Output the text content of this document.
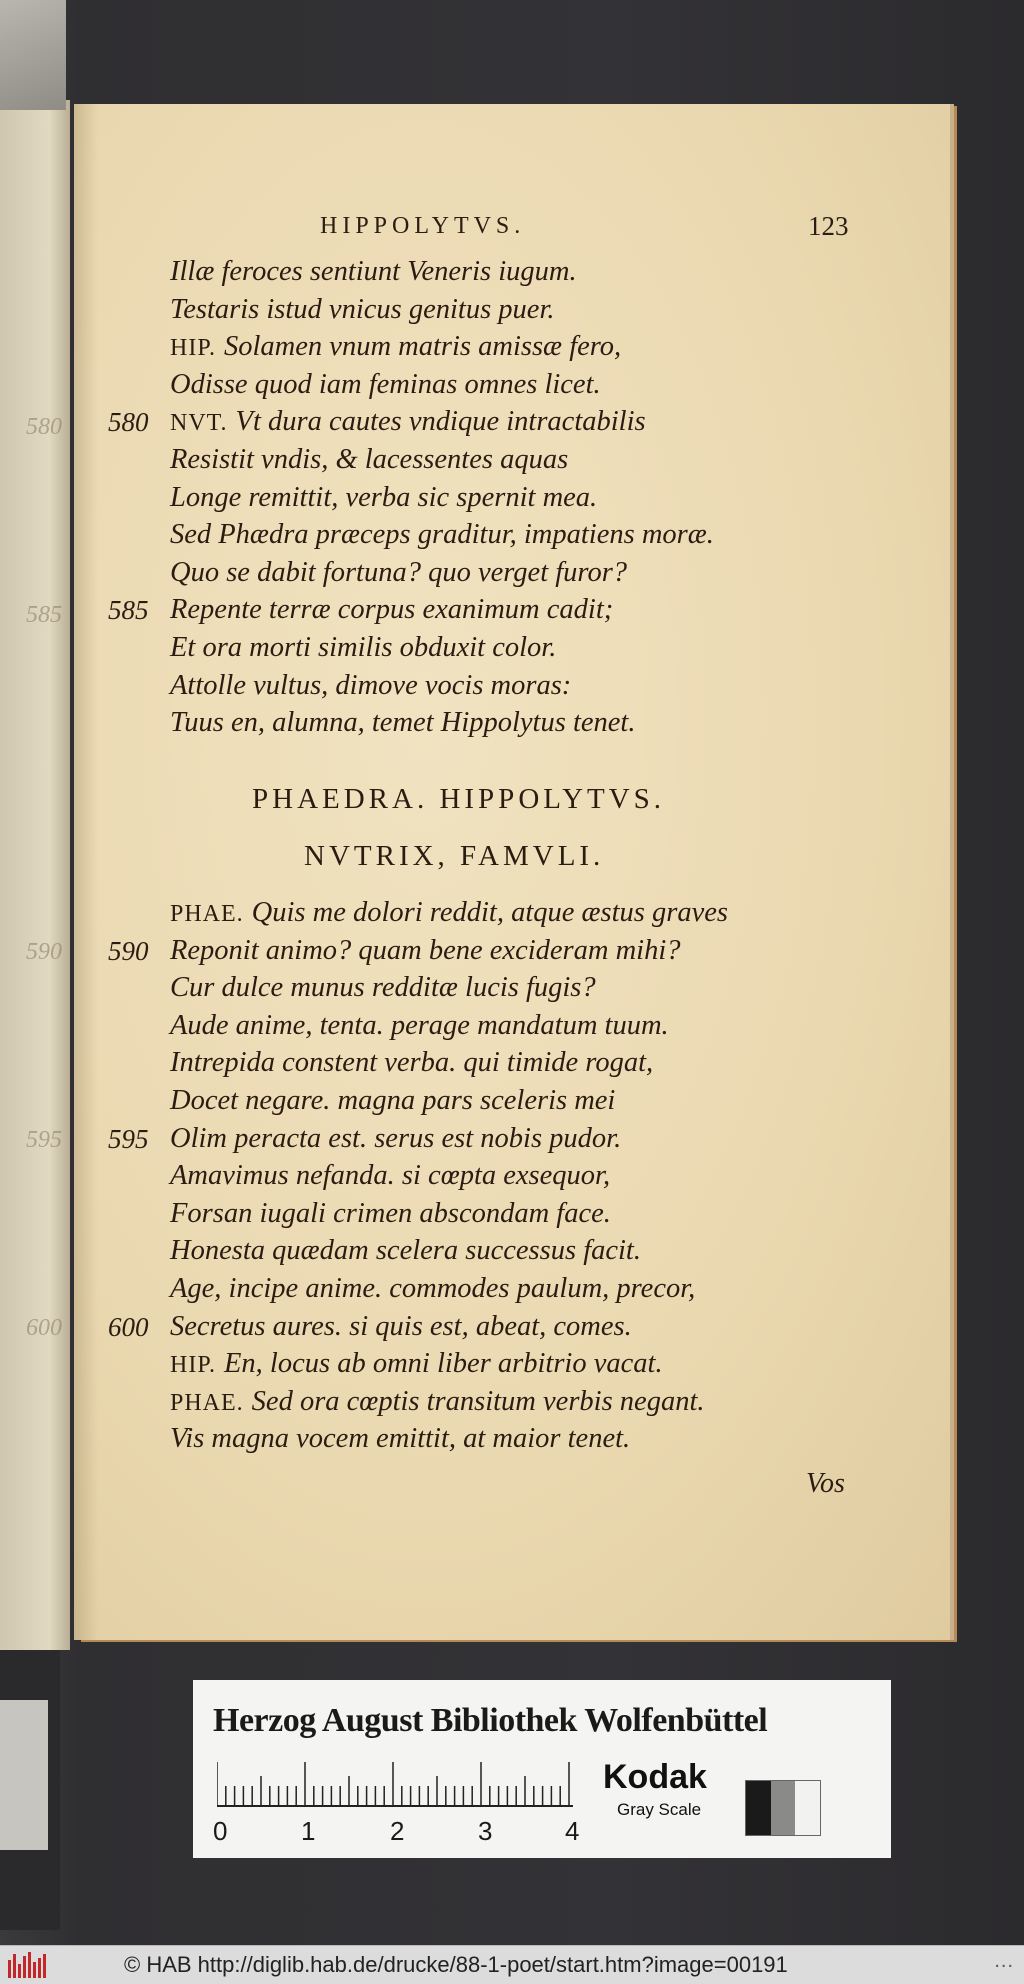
580
585
590
595
600
HIPPOLYTVS.	123
Illæ feroces sentiunt Veneris iugum.
Testaris istud vnicus genitus puer.
HIP. Solamen vnum matris amissæ fero,
Odisse quod iam feminas omnes licet.
580 NVT. Vt dura cautes vndique intractabilis
Resistit vndis, & lacessentes aquas
Longe remittit, verba sic spernit mea.
Sed Phædra præceps graditur, impatiens moræ.
Quo se dabit fortuna? quo verget furor?
585 Repente terræ corpus exanimum cadit;
Et ora morti similis obduxit color.
Attolle vultus, dimove vocis moras:
Tuus en, alumna, temet Hippolytus tenet.
PHAEDRA. HIPPOLYTVS.
NVTRIX, FAMVLI.
PHAE. Quis me dolori reddit, atque æstus graves
590 Reponit animo? quam bene excideram mihi?
Cur dulce munus redditæ lucis fugis?
Aude anime, tenta. perage mandatum tuum.
Intrepida constent verba. qui timide rogat,
Docet negare. magna pars sceleris mei
595 Olim peracta est. serus est nobis pudor.
Amavimus nefanda. si cœpta exsequor,
Forsan iugali crimen abscondam face.
Honesta quædam scelera successus facit.
Age, incipe anime. commodes paulum, precor,
600 Secretus aures. si quis est, abeat, comes.
HIP. En, locus ab omni liber arbitrio vacat.
PHAE. Sed ora cœptis transitum verbis negant.
Vis magna vocem emittit, at maior tenet.
Vos
Herzog August Bibliothek Wolfenbüttel
0	1	2	3	4
Kodak
Gray Scale
© HAB http://diglib.hab.de/drucke/88-1-poet/start.htm?image=00191	...
